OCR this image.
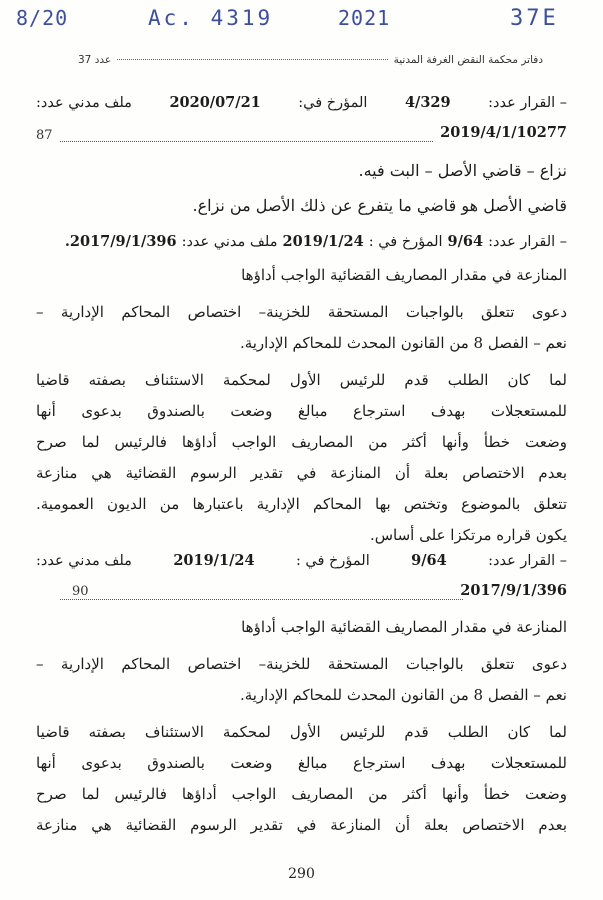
8/20	Ac. 4319	2021	37E
دفاتر محكمة النقض الغرفة المدنية
عدد 37
– القرار عدد:
4/329
المؤرخ في:
2020/07/21
ملف مدني عدد:
2019/4/1/10277
87
نزاع – قاضي الأصل – البت فيه.
قاضي الأصل هو قاضي ما يتفرع عن ذلك الأصل من نزاع.
– القرار عدد:
9/64
المؤرخ في :
2019/1/24
ملف مدني عدد:
2017/9/1/396.
المنازعة في مقدار المصاريف القضائية الواجب أداؤها
دعوى تتعلق بالواجبات المستحقة للخزينة– اختصاص المحاكم الإدارية –
نعم – الفصل 8 من القانون المحدث للمحاكم الإدارية.
لما كان الطلب قدم للرئيس الأول لمحكمة الاستئناف بصفته قاضيا
للمستعجلات بهدف استرجاع مبالغ وضعت بالصندوق بدعوى أنها
وضعت خطأ وأنها أكثر من المصاريف الواجب أداؤها فالرئيس لما صرح
بعدم الاختصاص بعلة أن المنازعة في تقدير الرسوم القضائية هي منازعة
تتعلق بالموضوع وتختص بها المحاكم الإدارية باعتبارها من الديون العمومية.
يكون قراره مرتكزا على أساس.
– القرار عدد:
9/64
المؤرخ في :
2019/1/24
ملف مدني عدد:
2017/9/1/396
90
المنازعة في مقدار المصاريف القضائية الواجب أداؤها
دعوى تتعلق بالواجبات المستحقة للخزينة– اختصاص المحاكم الإدارية –
نعم – الفصل 8 من القانون المحدث للمحاكم الإدارية.
لما كان الطلب قدم للرئيس الأول لمحكمة الاستئناف بصفته قاضيا
للمستعجلات بهدف استرجاع مبالغ وضعت بالصندوق بدعوى أنها
وضعت خطأ وأنها أكثر من المصاريف الواجب أداؤها فالرئيس لما صرح
بعدم الاختصاص بعلة أن المنازعة في تقدير الرسوم القضائية هي منازعة
290
